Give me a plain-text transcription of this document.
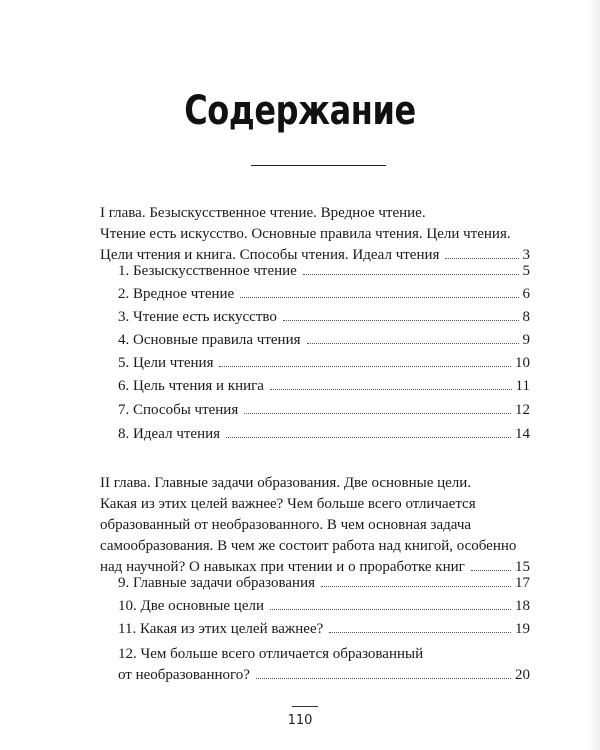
Содержание
I глава. Безыскусственное чтение. Вредное чтение.
Чтение есть искусство. Основные правила чтения. Цели чтения.
Цели чтения и книга. Способы чтения. Идеал чтения	3
1. Безыскусственное чтение	5
2. Вредное чтение	6
3. Чтение есть искусство	8
4. Основные правила чтения	9
5. Цели чтения	10
6. Цель чтения и книга	11
7. Способы чтения	12
8. Идеал чтения	14
II глава. Главные задачи образования. Две основные цели.
Какая из этих целей важнее? Чем больше всего отличается
образованный от необразованного. В чем основная задача
самообразования. В чем же состоит работа над книгой, особенно
над научной? О навыках при чтении и о проработке книг	15
9. Главные задачи образования	17
10. Две основные цели	18
11. Какая из этих целей важнее?	19
12. Чем больше всего отличается образованный
от необразованного?	20
110
